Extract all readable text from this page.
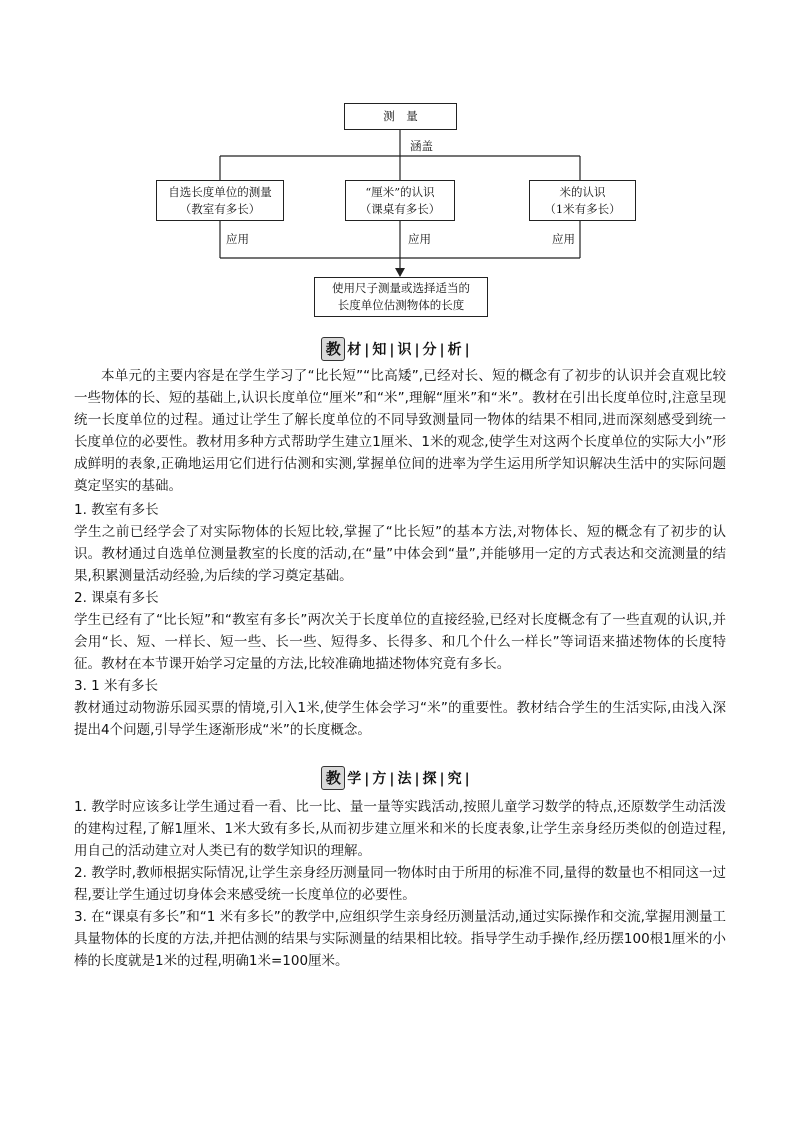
测　量
涵盖
自选长度单位的测量
（教室有多长）
“厘米”的认识
（课桌有多长）
米的认识
（1米有多长）
应用	应用	应用
使用尺子测量或选择适当的
长度单位估测物体的长度
教 材|知|识|分|析|

本单元的主要内容是在学生学习了“比长短”“比高矮”,已经对长、短的概念有了初步的认识并会直观比较一些物体的长、短的基础上,认识长度单位“厘米”和“米”,理解“厘米”和“米”。教材在引出长度单位时,注意呈现统一长度单位的过程。通过让学生了解长度单位的不同导致测量同一物体的结果不相同,进而深刻感受到统一长度单位的必要性。教材用多种方式帮助学生建立1厘米、1米的观念,使学生对这两个长度单位的实际大小”形成鲜明的表象,正确地运用它们进行估测和实测,掌握单位间的进率为学生运用所学知识解决生活中的实际问题奠定坚实的基础。

1. 教室有多长

学生之前已经学会了对实际物体的长短比较,掌握了“比长短”的基本方法,对物体长、短的概念有了初步的认识。教材通过自选单位测量教室的长度的活动,在“量”中体会到“量”,并能够用一定的方式表达和交流测量的结果,积累测量活动经验,为后续的学习奠定基础。

2. 课桌有多长

学生已经有了“比长短”和“教室有多长”两次关于长度单位的直接经验,已经对长度概念有了一些直观的认识,并会用“长、短、一样长、短一些、长一些、短得多、长得多、和几个什么一样长”等词语来描述物体的长度特征。教材在本节课开始学习定量的方法,比较准确地描述物体究竟有多长。

3. 1 米有多长

教材通过动物游乐园买票的情境,引入1米,使学生体会学习“米”的重要性。教材结合学生的生活实际,由浅入深提出4个问题,引导学生逐渐形成“米”的长度概念。

教 学|方|法|探|究|

1. 教学时应该多让学生通过看一看、比一比、量一量等实践活动,按照儿童学习数学的特点,还原数学生动活泼的建构过程,了解1厘米、1米大致有多长,从而初步建立厘米和米的长度表象,让学生亲身经历类似的创造过程,用自己的活动建立对人类已有的数学知识的理解。

2. 教学时,教师根据实际情况,让学生亲身经历测量同一物体时由于所用的标准不同,量得的数量也不相同这一过程,要让学生通过切身体会来感受统一长度单位的必要性。

3. 在“课桌有多长”和“1 米有多长”的教学中,应组织学生亲身经历测量活动,通过实际操作和交流,掌握用测量工具量物体的长度的方法,并把估测的结果与实际测量的结果相比较。指导学生动手操作,经历摆100根1厘米的小棒的长度就是1米的过程,明确1米=100厘米。
